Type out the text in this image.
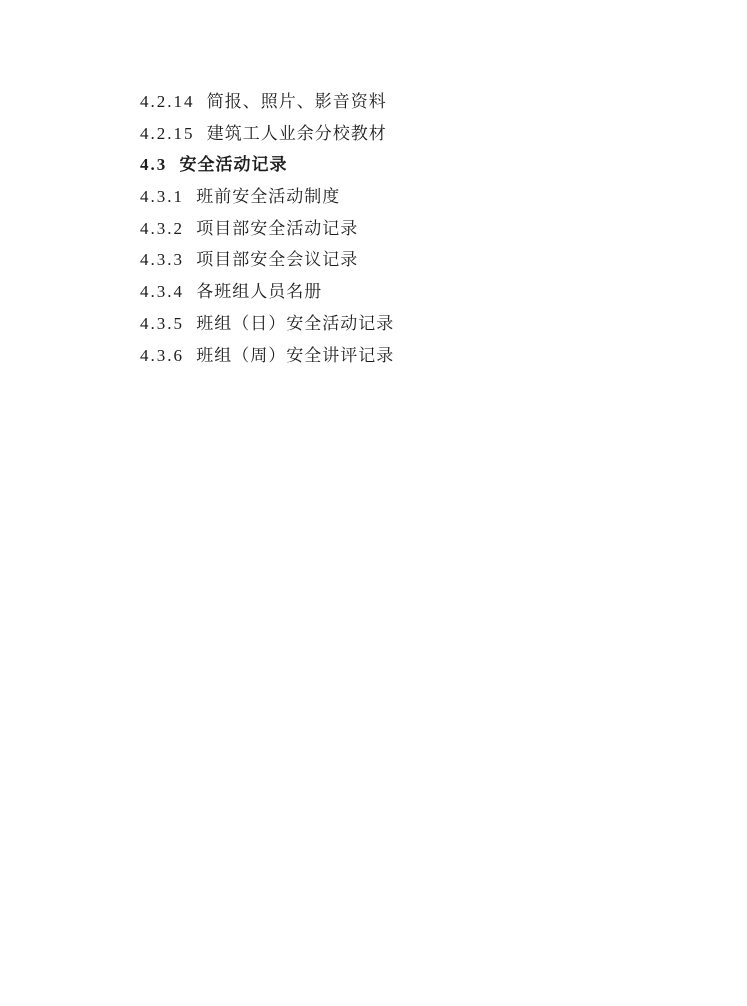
4.2.14 简报、照片、影音资料

4.2.15 建筑工人业余分校教材

4.3 安全活动记录

4.3.1 班前安全活动制度

4.3.2 项目部安全活动记录

4.3.3 项目部安全会议记录

4.3.4 各班组人员名册

4.3.5 班组（日）安全活动记录

4.3.6 班组（周）安全讲评记录
